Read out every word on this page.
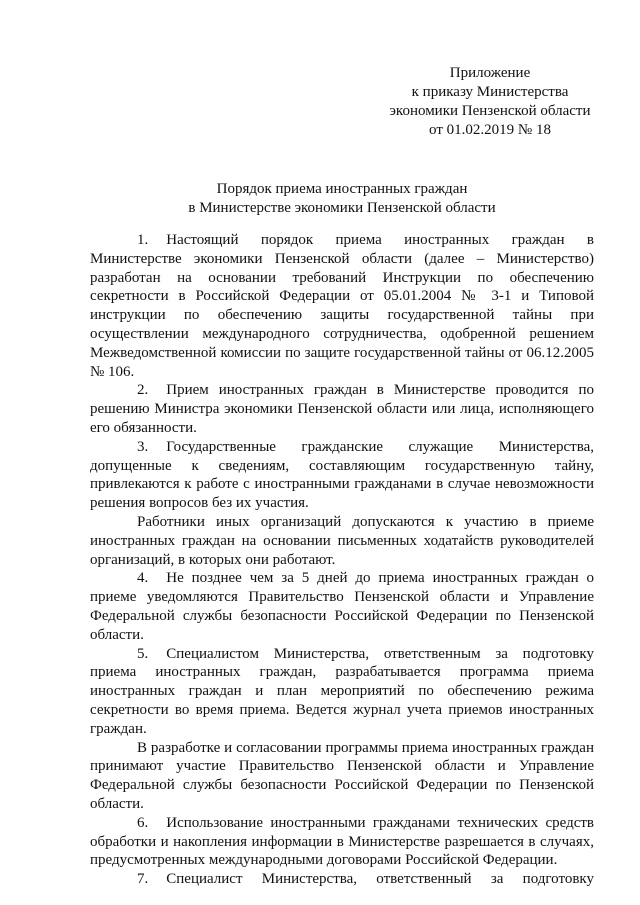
Приложение
к приказу Министерства
экономики Пензенской области
от 01.02.2019 № 18
Порядок приема иностранных граждан
в Министерстве экономики Пензенской области

1. Настоящий порядок приема иностранных граждан в Министерстве экономики Пензенской области (далее – Министерство) разработан на основании требований Инструкции по обеспечению секретности в Российской Федерации от 05.01.2004 № 3-1 и Типовой инструкции по обеспечению защиты государственной тайны при осуществлении международного сотрудничества, одобренной решением Межведомственной комиссии по защите государственной тайны от 06.12.2005 № 106.

2. Прием иностранных граждан в Министерстве проводится по решению Министра экономики Пензенской области или лица, исполняющего его обязанности.

3. Государственные гражданские служащие Министерства, допущенные к сведениям, составляющим государственную тайну, привлекаются к работе с иностранными гражданами в случае невозможности решения вопросов без их участия.

Работники иных организаций допускаются к участию в приеме иностранных граждан на основании письменных ходатайств руководителей организаций, в которых они работают.

4. Не позднее чем за 5 дней до приема иностранных граждан о приеме уведомляются Правительство Пензенской области и Управление Федеральной службы безопасности Российской Федерации по Пензенской области.

5. Специалистом Министерства, ответственным за подготовку приема иностранных граждан, разрабатывается программа приема иностранных граждан и план мероприятий по обеспечению режима секретности во время приема. Ведется журнал учета приемов иностранных граждан.

В разработке и согласовании программы приема иностранных граждан принимают участие Правительство Пензенской области и Управление Федеральной службы безопасности Российской Федерации по Пензенской области.

6. Использование иностранными гражданами технических средств обработки и накопления информации в Министерстве разрешается в случаях, предусмотренных международными договорами Российской Федерации.

7. Специалист Министерства, ответственный за подготовку
